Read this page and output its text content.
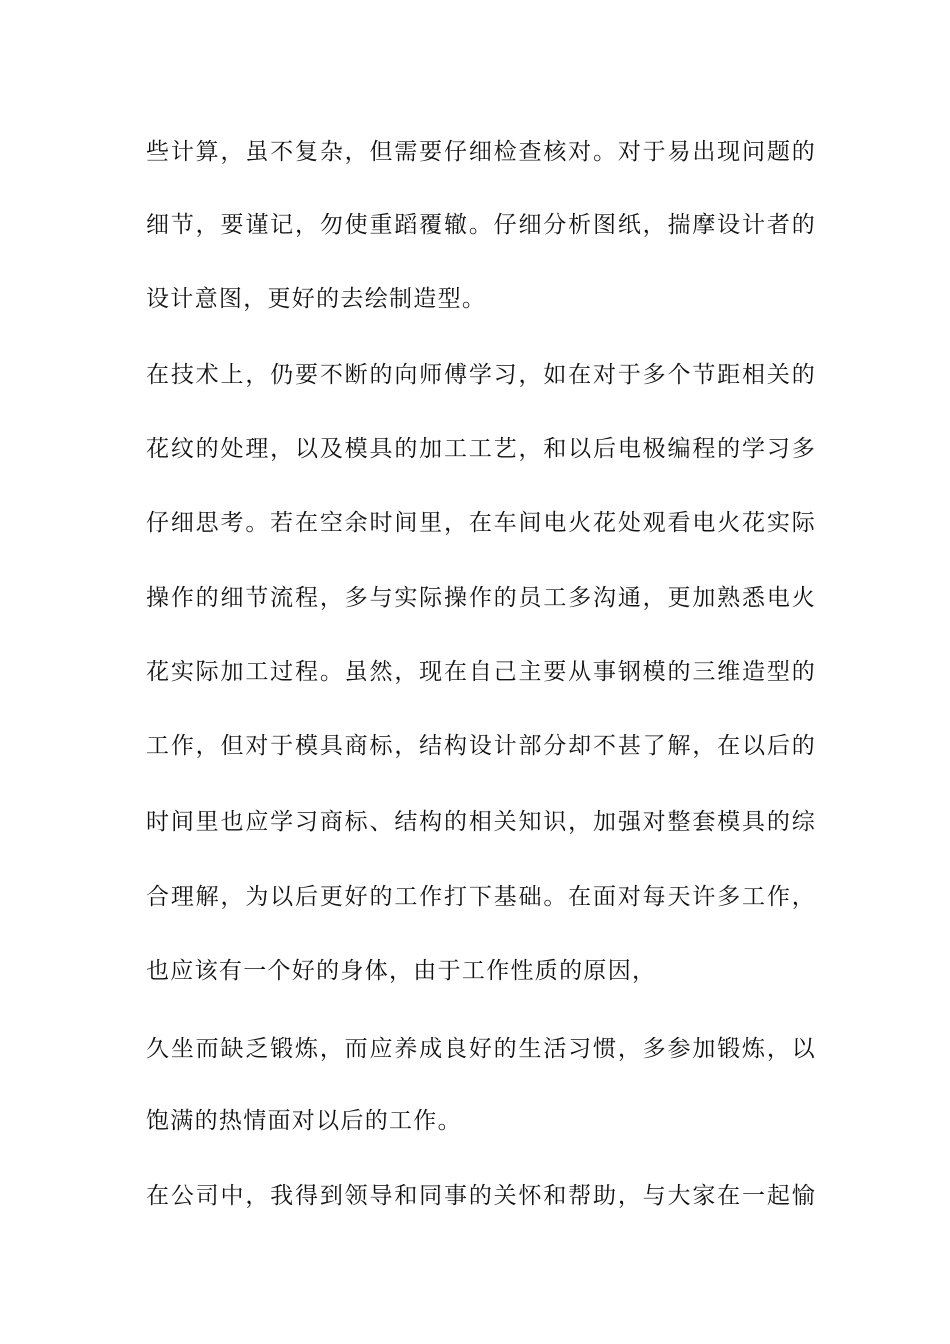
些计算，虽不复杂，但需要仔细检查核对。对于易出现问题的
细节，要谨记，勿使重蹈覆辙。仔细分析图纸，揣摩设计者的
设计意图，更好的去绘制造型。
在技术上，仍要不断的向师傅学习，如在对于多个节距相关的
花纹的处理，以及模具的加工工艺，和以后电极编程的学习多
仔细思考。若在空余时间里，在车间电火花处观看电火花实际
操作的细节流程，多与实际操作的员工多沟通，更加熟悉电火
花实际加工过程。虽然，现在自己主要从事钢模的三维造型的
工作，但对于模具商标，结构设计部分却不甚了解，在以后的
时间里也应学习商标、结构的相关知识，加强对整套模具的综
合理解，为以后更好的工作打下基础。在面对每天许多工作，
也应该有一个好的身体，由于工作性质的原因，
久坐而缺乏锻炼，而应养成良好的生活习惯，多参加锻炼，以
饱满的热情面对以后的工作。
在公司中，我得到领导和同事的关怀和帮助，与大家在一起愉
